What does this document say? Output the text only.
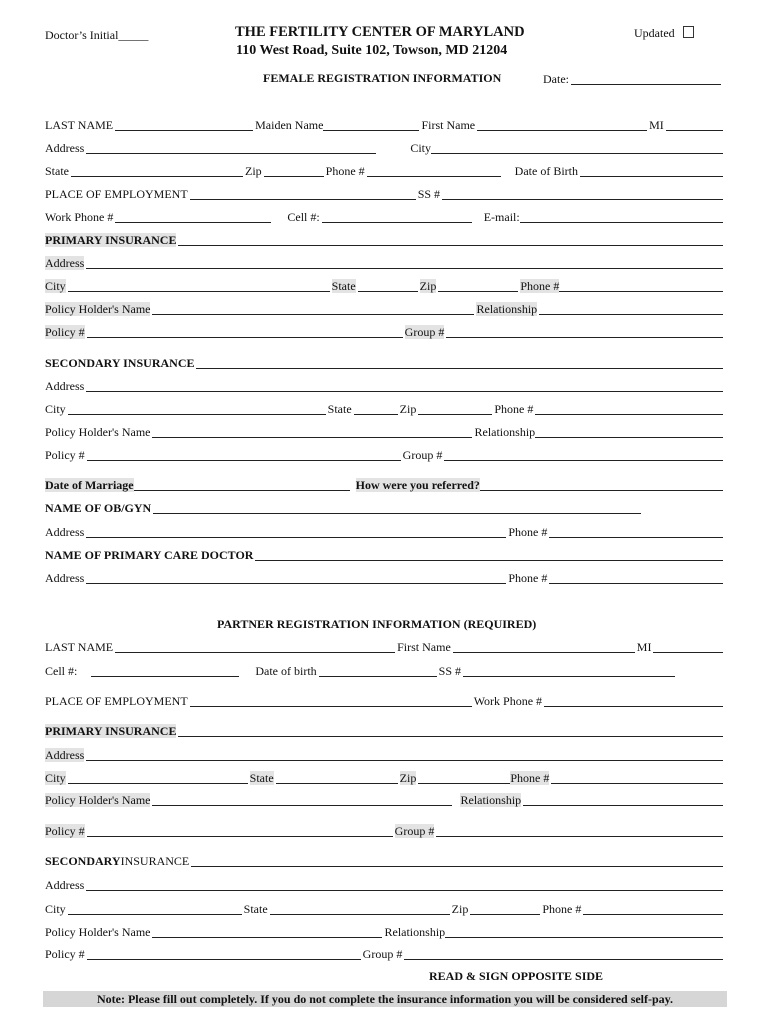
Doctor’s Initial_____	THE FERTILITY CENTER OF MARYLAND
110 West Road, Suite 102, Towson, MD 21204
Updated
FEMALE REGISTRATION INFORMATION	Date:
LAST NAME	Maiden Name	First Name	MI
Address	City
State	Zip	Phone #	Date of Birth
PLACE OF EMPLOYMENT	SS #
Work Phone #	Cell #:	E-mail:
PRIMARY INSURANCE
Address
City	State	Zip	Phone #
Policy Holder's Name	Relationship
Policy #	Group #
SECONDARY INSURANCE
Address
City	State	Zip	Phone #
Policy Holder's Name	Relationship
Policy #	Group #
Date of Marriage	How were you referred?
NAME OF OB/GYN
Address	Phone #
NAME OF PRIMARY CARE DOCTOR
Address	Phone #
PARTNER REGISTRATION INFORMATION (REQUIRED)
LAST NAME	First Name	MI
Cell #:	Date of birth	SS #
PLACE OF EMPLOYMENT	Work Phone #
PRIMARY INSURANCE
Address
City	State	Zip	Phone #
Policy Holder's Name	Relationship
Policy #	Group #
SECONDARYINSURANCE
Address
City	State	Zip	Phone #
Policy Holder's Name	Relationship
Policy #	Group #
READ & SIGN OPPOSITE SIDE
Note: Please fill out completely. If you do not complete the insurance information you will be considered self-pay.
